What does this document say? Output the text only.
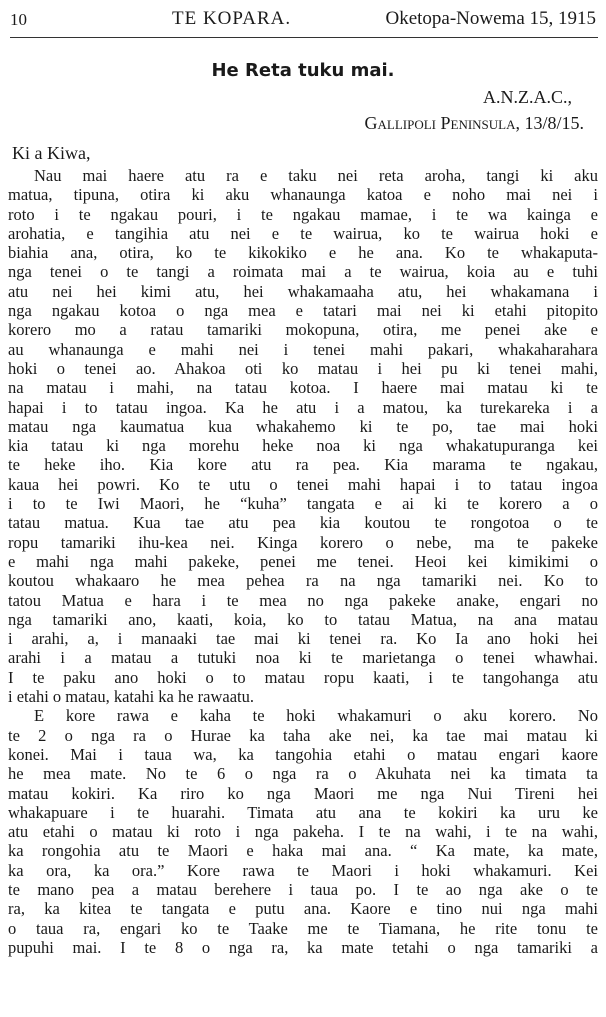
10	TE KOPARA.	Oketopa-Nowema 15, 1915
He Reta tuku mai.
A.N.Z.A.C.,
Gallipoli Peninsula, 13/8/15.
Ki a Kiwa,
Nau mai haere atu ra e taku nei reta aroha, tangi ki aku
matua, tipuna, otira ki aku whanaunga katoa e noho mai nei i
roto i te ngakau pouri, i te ngakau mamae, i te wa kainga e
arohatia, e tangihia atu nei e te wairua, ko te wairua hoki e
biahia ana, otira, ko te kikokiko e he ana. Ko te whakaputa-
nga tenei o te tangi a roimata mai a te wairua, koia au e tuhi
atu nei hei kimi atu, hei whakamaaha atu, hei whakamana i
nga ngakau kotoa o nga mea e tatari mai nei ki etahi pitopito
korero mo a ratau tamariki mokopuna, otira, me penei ake e
au whanaunga e mahi nei i tenei mahi pakari, whakaharahara
hoki o tenei ao. Ahakoa oti ko matau i hei pu ki tenei mahi,
na matau i mahi, na tatau kotoa. I haere mai matau ki te
hapai i to tatau ingoa. Ka he atu i a matou, ka turekareka i a
matau nga kaumatua kua whakahemo ki te po, tae mai hoki
kia tatau ki nga morehu heke noa ki nga whakatupuranga kei
te heke iho. Kia kore atu ra pea. Kia marama te ngakau,
kaua hei powri. Ko te utu o tenei mahi hapai i to tatau ingoa
i to te Iwi Maori, he “kuha” tangata e ai ki te korero a o
tatau matua. Kua tae atu pea kia koutou te rongotoa o te
ropu tamariki ihu-kea nei. Kinga korero o nebe, ma te pakeke
e mahi nga mahi pakeke, penei me tenei. Heoi kei kimikimi o
koutou whakaaro he mea pehea ra na nga tamariki nei. Ko to
tatou Matua e hara i te mea no nga pakeke anake, engari no
nga tamariki ano, kaati, koia, ko to tatau Matua, na ana matau
i arahi, a, i manaaki tae mai ki tenei ra. Ko Ia ano hoki hei
arahi i a matau a tutuki noa ki te marietanga o tenei whawhai.
I te paku ano hoki o to matau ropu kaati, i te tangohanga atu
i etahi o matau, katahi ka he rawaatu.
E kore rawa e kaha te hoki whakamuri o aku korero. No
te 2 o nga ra o Hurae ka taha ake nei, ka tae mai matau ki
konei. Mai i taua wa, ka tangohia etahi o matau engari kaore
he mea mate. No te 6 o nga ra o Akuhata nei ka timata ta
matau kokiri. Ka riro ko nga Maori me nga Nui Tireni hei
whakapuare i te huarahi. Timata atu ana te kokiri ka uru ke
atu etahi o matau ki roto i nga pakeha. I te na wahi, i te na wahi,
ka rongohia atu te Maori e haka mai ana. “ Ka mate, ka mate,
ka ora, ka ora.” Kore rawa te Maori i hoki whakamuri. Kei
te mano pea a matau berehere i taua po. I te ao nga ake o te
ra, ka kitea te tangata e putu ana. Kaore e tino nui nga mahi
o taua ra, engari ko te Taake me te Tiamana, he rite tonu te
pupuhi mai. I te 8 o nga ra, ka mate tetahi o nga tamariki a
